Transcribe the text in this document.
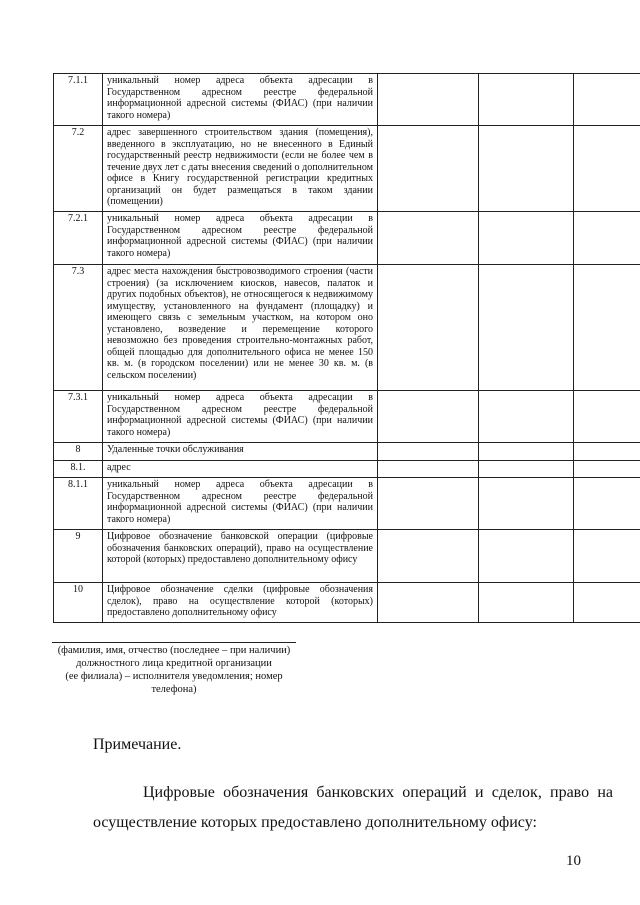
7.1.1	уникальный номер адреса объекта адресации в Государственном адресном реестре федеральной информационной адресной системы (ФИАС) (при наличии такого номера)			
7.2	адрес завершенного строительством здания (помещения), введенного в эксплуатацию, но не внесенного в Единый государственный реестр недвижимости (если не более чем в течение двух лет с даты внесения сведений о дополнительном офисе в Книгу государственной регистрации кредитных организаций он будет размещаться в таком здании (помещении)			
7.2.1	уникальный номер адреса объекта адресации в Государственном адресном реестре федеральной информационной адресной системы (ФИАС) (при наличии такого номера)			
7.3	адрес места нахождения быстровозводимого строения (части строения) (за исключением киосков, навесов, палаток и других подобных объектов), не относящегося к недвижимому имуществу, установленного на фундамент (площадку) и имеющего связь с земельным участком, на котором оно установлено, возведение и перемещение которого невозможно без проведения строительно-монтажных работ, общей площадью для дополнительного офиса не менее 150 кв. м. (в городском поселении) или не менее 30 кв. м. (в сельском поселении)			
7.3.1	уникальный номер адреса объекта адресации в Государственном адресном реестре федеральной информационной адресной системы (ФИАС) (при наличии такого номера)			
8	Удаленные точки обслуживания			
8.1.	адрес			
8.1.1	уникальный номер адреса объекта адресации в Государственном адресном реестре федеральной информационной адресной системы (ФИАС) (при наличии такого номера)			
9	Цифровое обозначение банковской операции (цифровые обозначения банковских операций), право на осуществление которой (которых) предоставлено дополнительному офису			
10	Цифровое обозначение сделки (цифровые обозначения сделок), право на осуществление которой (которых) предоставлено дополнительному офису			
(фамилия, имя, отчество (последнее – при наличии)
должностного лица кредитной организации
(ее филиала) – исполнителя уведомления; номер
телефона)
Примечание.

Цифровые обозначения банковских операций и сделок, право на осуществление которых предоставлено дополнительному офису:

10
